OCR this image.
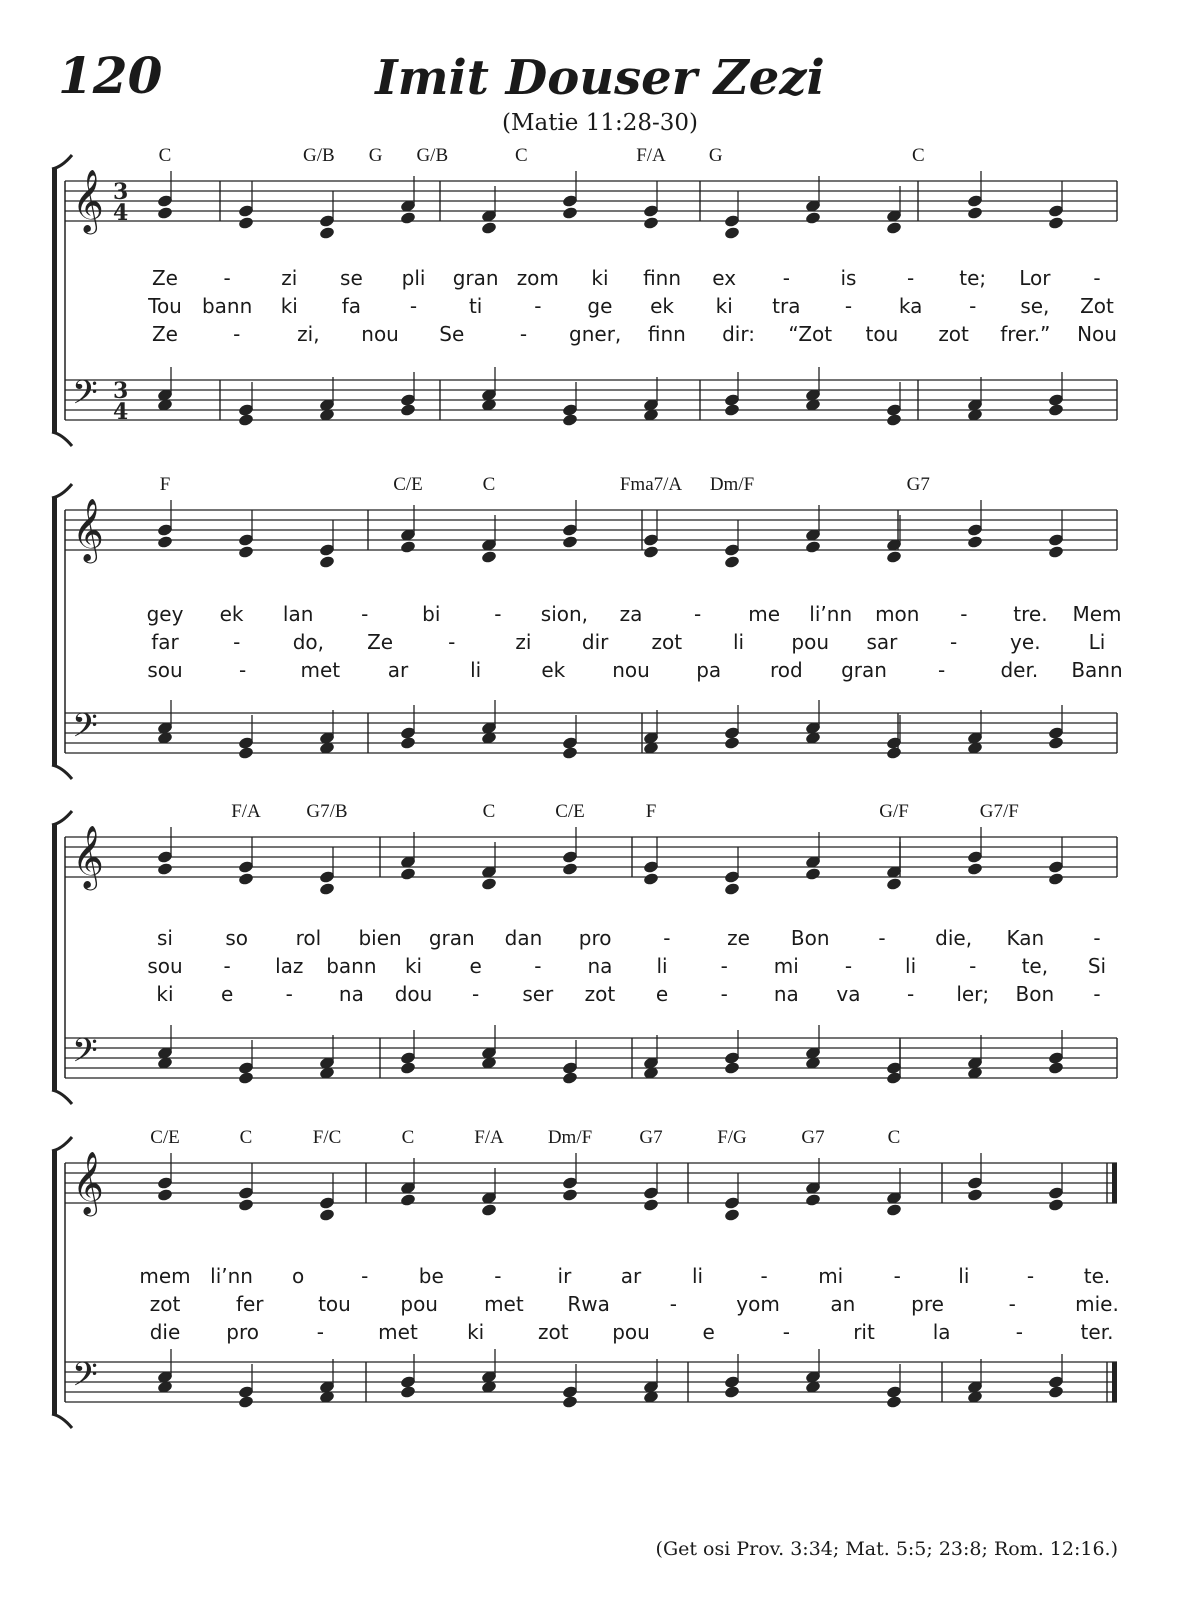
120	Imit Douser Zezi
(Matie 11:28-30)
𝄞
𝄢
3
4
3
4
C	G/B G G/B	C	F/A G	C
Ze -	zi se pli gran zom ki finn ex -	is	- te; Lor -
Tou bann ki fa -	ti	- ge ek ki tra - ka - se, Zot
Ze	-	zi, nou Se	- gner, finn dir: “Zot tou zot frer.” Nou
𝄞
𝄢
F	C/E	C	Fma7/A Dm/F	G7
gey ek lan -	bi	- sion, za	- me li’nn mon - tre. Mem
far	-	do, Ze	-	zi	dir zot	li pou sar	-	ye. Li
sou	-	met ar	li	ek nou pa rod gran	-	der. Bann
𝄞
𝄢
F/A G7/B	C	C/E	F	G/F	G7/F
si	so rol bien gran dan pro	-	ze Bon - die, Kan -
sou - laz bann ki e	- na li	- mi -	li	- te, Si
ki e	- na dou - ser zot e	- na va - ler; Bon -
𝄞
𝄢
C/E	C	F/C	C	F/A Dm/F G7	F/G	G7	C
mem li’nn o	-	be	-	ir ar	li	-	mi	-	li	- te.
zot	fer	tou pou met Rwa	-	yom	an	pre	-	mie.
die pro	-	met ki	zot pou	e	-	rit	la	-	ter.
(Get osi Prov. 3:34; Mat. 5:5; 23:8; Rom. 12:16.)
